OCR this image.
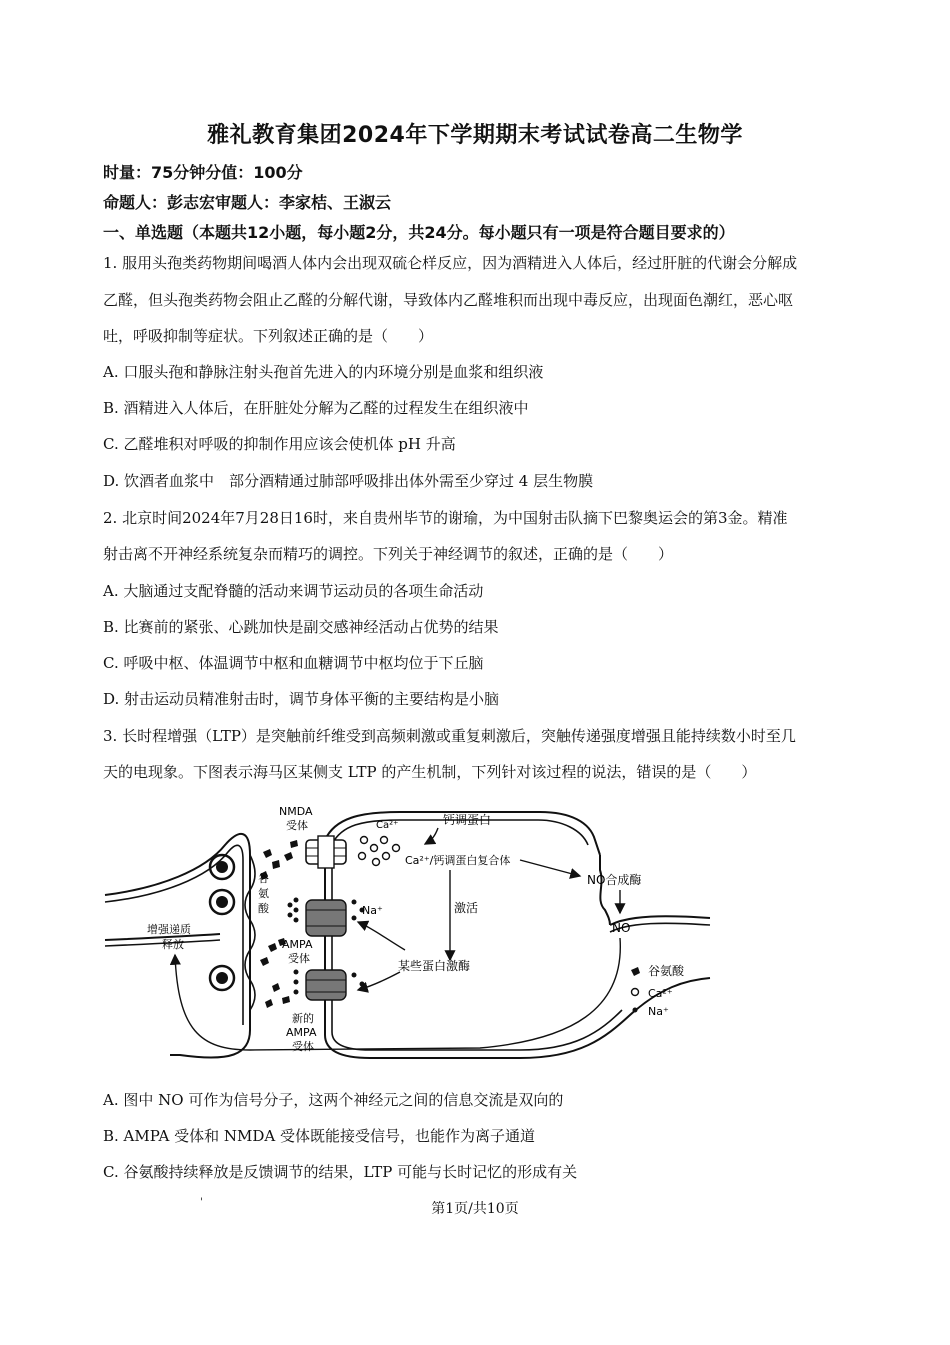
雅礼教育集团2024年下学期期末考试试卷高二生物学
时量：75分钟分值：100分
命题人：彭志宏审题人：李家桔、王淑云
一、单选题（本题共12小题，每小题2分，共24分。每小题只有一项是符合题目要求的）
1. 服用头孢类药物期间喝酒人体内会出现双硫仑样反应，因为酒精进入人体后，经过肝脏的代谢会分解成
乙醛，但头孢类药物会阻止乙醛的分解代谢，导致体内乙醛堆积而出现中毒反应，出现面色潮红，恶心呕
吐，呼吸抑制等症状。下列叙述正确的是（　　）
A. 口服头孢和静脉注射头孢首先进入的内环境分别是血浆和组织液
B. 酒精进入人体后，在肝脏处分解为乙醛的过程发生在组织液中
C. 乙醛堆积对呼吸的抑制作用应该会使机体 pH 升高
D. 饮酒者血浆中　部分酒精通过肺部呼吸排出体外需至少穿过 4 层生物膜
2. 北京时间2024年7月28日16时，来自贵州毕节的谢瑜，为中国射击队摘下巴黎奥运会的第3金。精准
射击离不开神经系统复杂而精巧的调控。下列关于神经调节的叙述，正确的是（　　）
A. 大脑通过支配脊髓的活动来调节运动员的各项生命活动
B. 比赛前的紧张、心跳加快是副交感神经活动占优势的结果
C. 呼吸中枢、体温调节中枢和血糖调节中枢均位于下丘脑
D. 射击运动员精准射击时，调节身体平衡的主要结构是小脑
3. 长时程增强（LTP）是突触前纤维受到高频刺激或重复刺激后，突触传递强度增强且能持续数小时至几
天的电现象。下图表示海马区某侧支 LTP 的产生机制，下列针对该过程的说法，错误的是（　　）
NMDA
受体	Ca²⁺	钙调蛋白
Ca²⁺/钙调蛋白复合体
NO合成酶
NO
谷
氨
酸	Na⁺	激活
增强递质
释放	AMPA
受体
某些蛋白激酶
新的
AMPA
受体
谷氨酸
Ca²⁺
Na⁺
A. 图中 NO 可作为信号分子，这两个神经元之间的信息交流是双向的
B. AMPA 受体和 NMDA 受体既能接受信号，也能作为离子通道
C. 谷氨酸持续释放是反馈调节的结果，LTP 可能与长时记忆的形成有关
'	第1页/共10页
